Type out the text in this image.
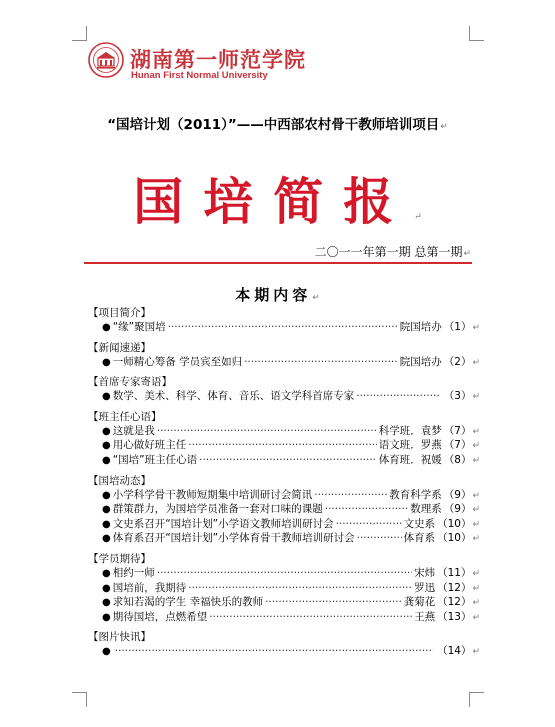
湖南第一师范学院
Hunan First Normal University
“国培计划（2011）”——中西部农村骨干教师培训项目↵
国培简报↵
二〇一一年第一期 总第一期↵
本期内容↵
【项目简介】
● “缘”聚国培 ·····	院国培办 （1） ↵
【新闻速递】
● 一师精心筹备 学员宾至如归 ·····	院国培办 （2） ↵
【首席专家寄语】
● 数学、美术、科学、体育、音乐、语文学科首席专家 ·····	（3） ↵
【班主任心语】
● 这就是我 ·····	科学班．袁梦 （7） ↵
● 用心做好班主任 ·····	语文班．罗燕 （7） ↵
● “国培”班主任心语 ·····	体育班．祝媛 （8） ↵
【国培动态】
● 小学科学骨干教师短期集中培训研讨会简讯 ·····	教育科学系 （9） ↵
● 群策群力，为国培学员准备一套对口味的课题 ·····	数理系 （9） ↵
● 文史系召开“国培计划”小学语文教师培训研讨会 ·····	文史系 （10） ↵
● 体育系召开“国培计划”小学体育骨干教师培训研讨会 ·····	体育系 （10） ↵
【学员期待】
● 相约一师 ·····	宋炜 （11） ↵
● 国培前，我期待 ·····	罗迅 （12） ↵
● 求知若渴的学生 幸福快乐的教师 ·····	龚菊花 （12） ↵
● 期待国培，点燃希望 ·····	王燕 （13） ↵
【图片快讯】
● ·····	（14） ↵
